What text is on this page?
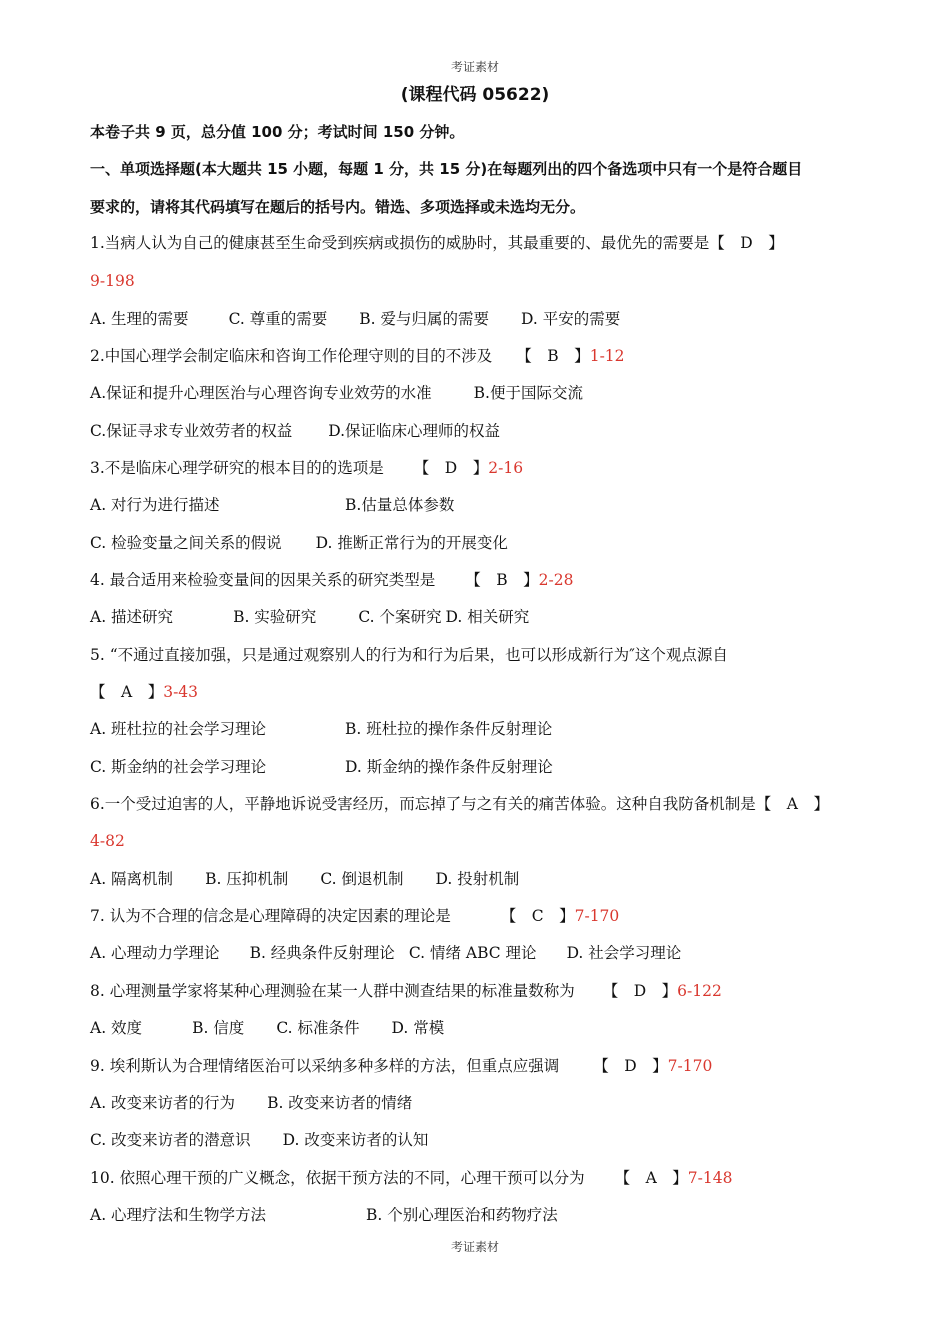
考证素材
(课程代码 05622)
本卷子共 9 页，总分值 100 分；考试时间 150 分钟。
一、单项选择题(本大题共 15 小题，每题 1 分，共 15 分)在每题列出的四个备选项中只有一个是符合题目
要求的，请将其代码填写在题后的括号内。错选、多项选择或未选均无分。
1.当病人认为自己的健康甚至生命受到疾病或损伤的威胁时，其最重要的、最优先的需要是【　D　】
9-198
A. 生理的需要	C. 尊重的需要 B. 爱与归属的需要 D. 平安的需要
2.中国心理学会制定临床和咨询工作伦理守则的目的不涉及 【　B　】1-12
A.保证和提升心理医治与心理咨询专业效劳的水准	B.便于国际交流
C.保证寻求专业效劳者的权益 D.保证临床心理师的权益
3.不是临床心理学研究的根本目的的选项是 【　D　】2-16
A. 对行为进行描述	B.估量总体参数
C. 检验变量之间关系的假说 D. 推断正常行为的开展变化
4. 最合适用来检验变量间的因果关系的研究类型是 【　B　】2-28
A. 描述研究	B. 实验研究	C. 个案研究 D. 相关研究
5. “不通过直接加强，只是通过观察别人的行为和行为后果，也可以形成新行为″这个观点源自
【　A　】3-43
A. 班杜拉的社会学习理论	B. 班杜拉的操作条件反射理论
C. 斯金纳的社会学习理论	D. 斯金纳的操作条件反射理论
6.一个受过迫害的人，平静地诉说受害经历，而忘掉了与之有关的痛苦体验。这种自我防备机制是【　A　】
4-82
A. 隔离机制 B. 压抑机制 C. 倒退机制 D. 投射机制
7. 认为不合理的信念是心理障碍的决定因素的理论是	【　C　】7-170
A. 心理动力学理论 B. 经典条件反射理论 C. 情绪 ABC 理论 D. 社会学习理论
8. 心理测量学家将某种心理测验在某一人群中测查结果的标准量数称为 【　D　】6-122
A. 效度	B. 信度 C. 标准条件 D. 常模
9. 埃利斯认为合理情绪医治可以采纳多种多样的方法，但重点应强调 【　D　】7-170
A. 改变来访者的行为 B. 改变来访者的情绪
C. 改变来访者的潜意识 D. 改变来访者的认知
10. 依照心理干预的广义概念，依据干预方法的不同，心理干预可以分为 【　A　】7-148
A. 心理疗法和生物学方法	B. 个别心理医治和药物疗法
考证素材
